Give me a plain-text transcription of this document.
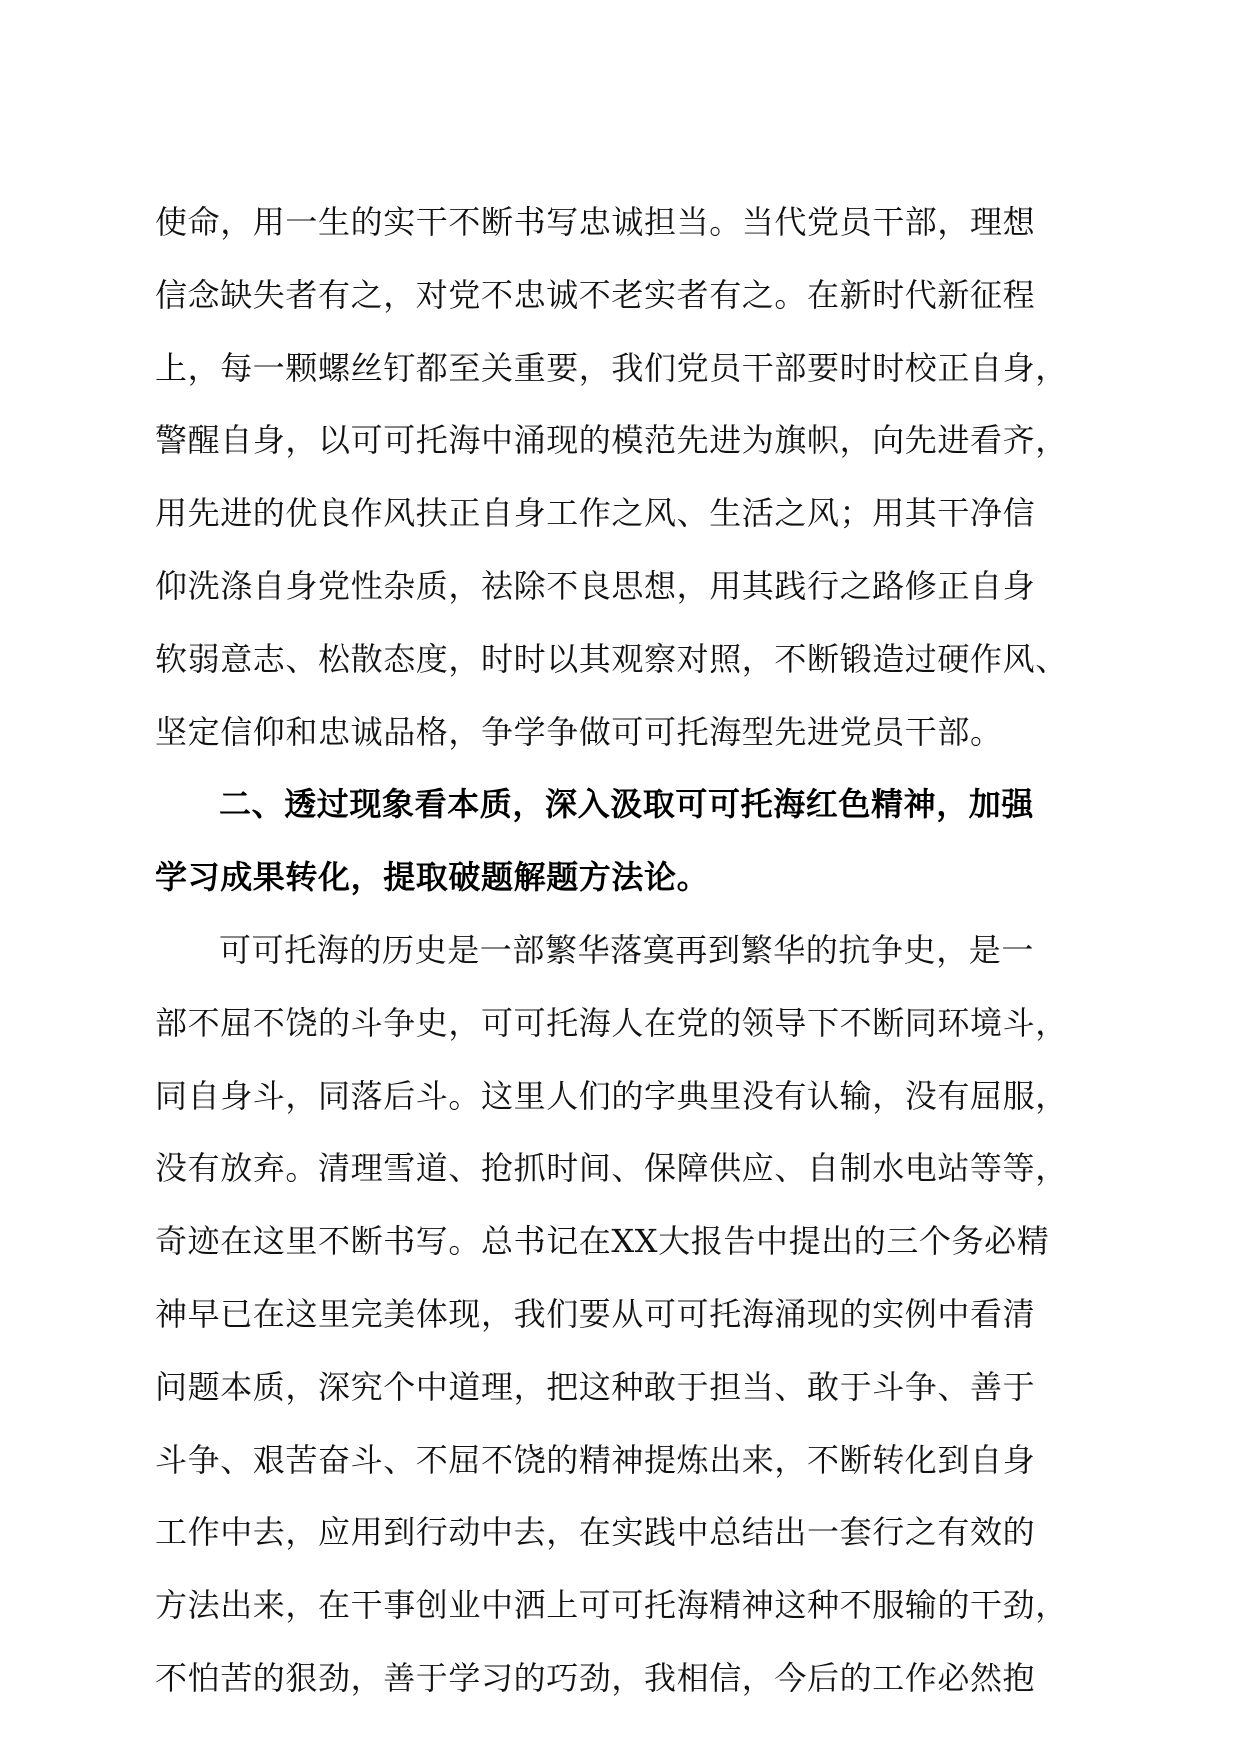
使命，用一生的实干不断书写忠诚担当。当代党员干部，理想
信念缺失者有之，对党不忠诚不老实者有之。在新时代新征程
上，每一颗螺丝钉都至关重要，我们党员干部要时时校正自身，
警醒自身，以可可托海中涌现的模范先进为旗帜，向先进看齐，
用先进的优良作风扶正自身工作之风、生活之风；用其干净信
仰洗涤自身党性杂质，祛除不良思想，用其践行之路修正自身
软弱意志、松散态度，时时以其观察对照，不断锻造过硬作风、
坚定信仰和忠诚品格，争学争做可可托海型先进党员干部。
二、透过现象看本质，深入汲取可可托海红色精神，加强
学习成果转化，提取破题解题方法论。
可可托海的历史是一部繁华落寞再到繁华的抗争史，是一
部不屈不饶的斗争史，可可托海人在党的领导下不断同环境斗，
同自身斗，同落后斗。这里人们的字典里没有认输，没有屈服，
没有放弃。清理雪道、抢抓时间、保障供应、自制水电站等等，
奇迹在这里不断书写。总书记在XX大报告中提出的三个务必精
神早已在这里完美体现，我们要从可可托海涌现的实例中看清
问题本质，深究个中道理，把这种敢于担当、敢于斗争、善于
斗争、艰苦奋斗、不屈不饶的精神提炼出来，不断转化到自身
工作中去，应用到行动中去，在实践中总结出一套行之有效的
方法出来，在干事创业中洒上可可托海精神这种不服输的干劲，
不怕苦的狠劲，善于学习的巧劲，我相信，今后的工作必然抱
